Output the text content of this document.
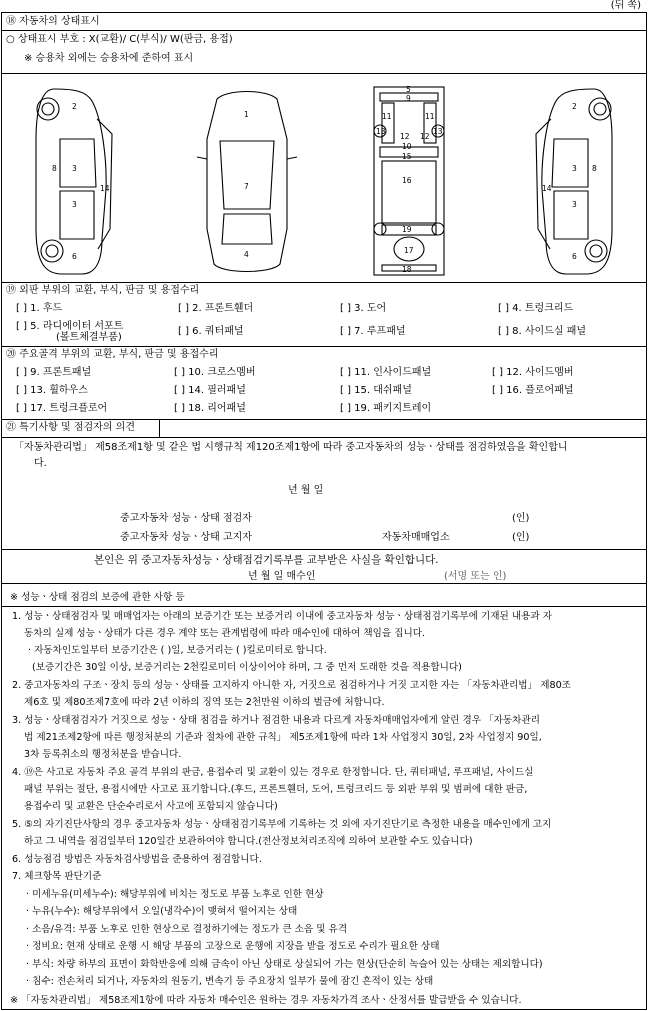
(뒤 쪽)
⑱ 자동차의 상태표시
○ 상태표시 부호 : X(교환)/ C(부식)/ W(판금, 용접)
※ 승용차 외에는 승용차에 준하여 표시
2
8 3
3
14
6
1
7
4
5
9
11	11
12 12
13	13
10
15
16
19
17
18
2
3 8
3
14
6
⑲ 외판 부위의 교환, 부식, 판금 및 용접수리
[ ] 1. 후드	[ ] 2. 프론트휀더	[ ] 3. 도어	[ ] 4. 트렁크리드
[ ] 5. 라디에이터 서포트
(볼트체결부품)
[ ] 6. 쿼터패널	[ ] 7. 루프패널	[ ] 8. 사이드실 패널
⑳ 주요골격 부위의 교환, 부식, 판금 및 용접수리
[ ] 9. 프론트패널	[ ] 10. 크로스멤버	[ ] 11. 인사이드패널	[ ] 12. 사이드멤버
[ ] 13. 휠하우스	[ ] 14. 필러패널	[ ] 15. 대쉬패널	[ ] 16. 플로어패널
[ ] 17. 트렁크플로어	[ ] 18. 리어패널	[ ] 19. 패키지트레이
㉑ 특기사항 및 점검자의 의견
「자동차관리법」 제58조제1항 및 같은 법 시행규칙 제120조제1항에 따라 중고자동차의 성능ㆍ상태를 점검하였음을 확인합니
다.
년 월 일
중고자동차 성능ㆍ상태 점검자	(인)
중고자동차 성능ㆍ상태 고지자	자동차매매업소	(인)
본인은 위 중고자동차성능ㆍ상태점검기록부를 교부받은 사실을 확인합니다.
년 월 일 매수인	(서명 또는 인)
※ 성능ㆍ상태 점검의 보증에 관한 사항 등
1. 성능ㆍ상태점검자 및 매매업자는 아래의 보증기간 또는 보증거리 이내에 중고자동차 성능ㆍ상태점검기록부에 기재된 내용과 자
동차의 실제 성능ㆍ상태가 다른 경우 계약 또는 관계법령에 따라 매수인에 대하여 책임을 집니다.
· 자동차인도일부터 보증기간은 ( )일, 보증거리는 ( )킬로미터로 합니다.
(보증기간은 30일 이상, 보증거리는 2천킬로미터 이상이어야 하며, 그 중 먼저 도래한 것을 적용합니다)
2. 중고자동차의 구조ㆍ장치 등의 성능ㆍ상태를 고지하지 아니한 자, 거짓으로 점검하거나 거짓 고지한 자는 「자동차관리법」 제80조
제6호 및 제80조제7호에 따라 2년 이하의 징역 또는 2천만원 이하의 벌금에 처합니다.
3. 성능ㆍ상태점검자가 거짓으로 성능ㆍ상태 점검을 하거나 점검한 내용과 다르게 자동차매매업자에게 알린 경우 「자동차관리
법 제21조제2항에 따른 행정처분의 기준과 절차에 관한 규칙」 제5조제1항에 따라 1차 사업정지 30일, 2차 사업정지 90일,
3차 등록취소의 행정처분을 받습니다.
4. ⑲은 사고로 자동차 주요 골격 부위의 판금, 용접수리 및 교환이 있는 경우로 한정합니다. 단, 쿼터패널, 루프패널, 사이드실
패널 부위는 절단, 용접시에만 사고로 표기합니다.(후드, 프론트휀더, 도어, 트렁크리드 등 외판 부위 및 범퍼에 대한 판금,
용접수리 및 교환은 단순수리로서 사고에 포함되지 않습니다)
5. ⑤의 자기진단사항의 경우 중고자동차 성능ㆍ상태점검기록부에 기록하는 것 외에 자기진단기로 측정한 내용을 매수인에게 고지
하고 그 내역을 점검일부터 120일간 보관하여야 합니다.(전산정보처리조직에 의하여 보관할 수도 있습니다)
6. 성능점검 방법은 자동차검사방법을 준용하여 점검합니다.
7. 체크항목 판단기준
· 미세누유(미세누수): 해당부위에 비치는 정도로 부품 노후로 인한 현상
· 누유(누수): 해당부위에서 오일(냉각수)이 맺혀서 떨어지는 상태
· 소음/유격: 부품 노후로 인한 현상으로 결정하기에는 정도가 큰 소음 및 유격
· 정비요: 현재 상태로 운행 시 해당 부품의 고장으로 운행에 지장을 받을 정도로 수리가 필요한 상태
· 부식: 차량 하부의 표면이 화학반응에 의해 금속이 아닌 상태로 상실되어 가는 현상(단순히 녹슬어 있는 상태는 제외합니다)
· 침수: 전손처리 되거나, 자동차의 원동기, 변속기 등 주요장치 일부가 물에 잠긴 흔적이 있는 상태
※ 「자동차관리법」 제58조제1항에 따라 자동차 매수인은 원하는 경우 자동차가격 조사ㆍ산정서를 발급받을 수 있습니다.
